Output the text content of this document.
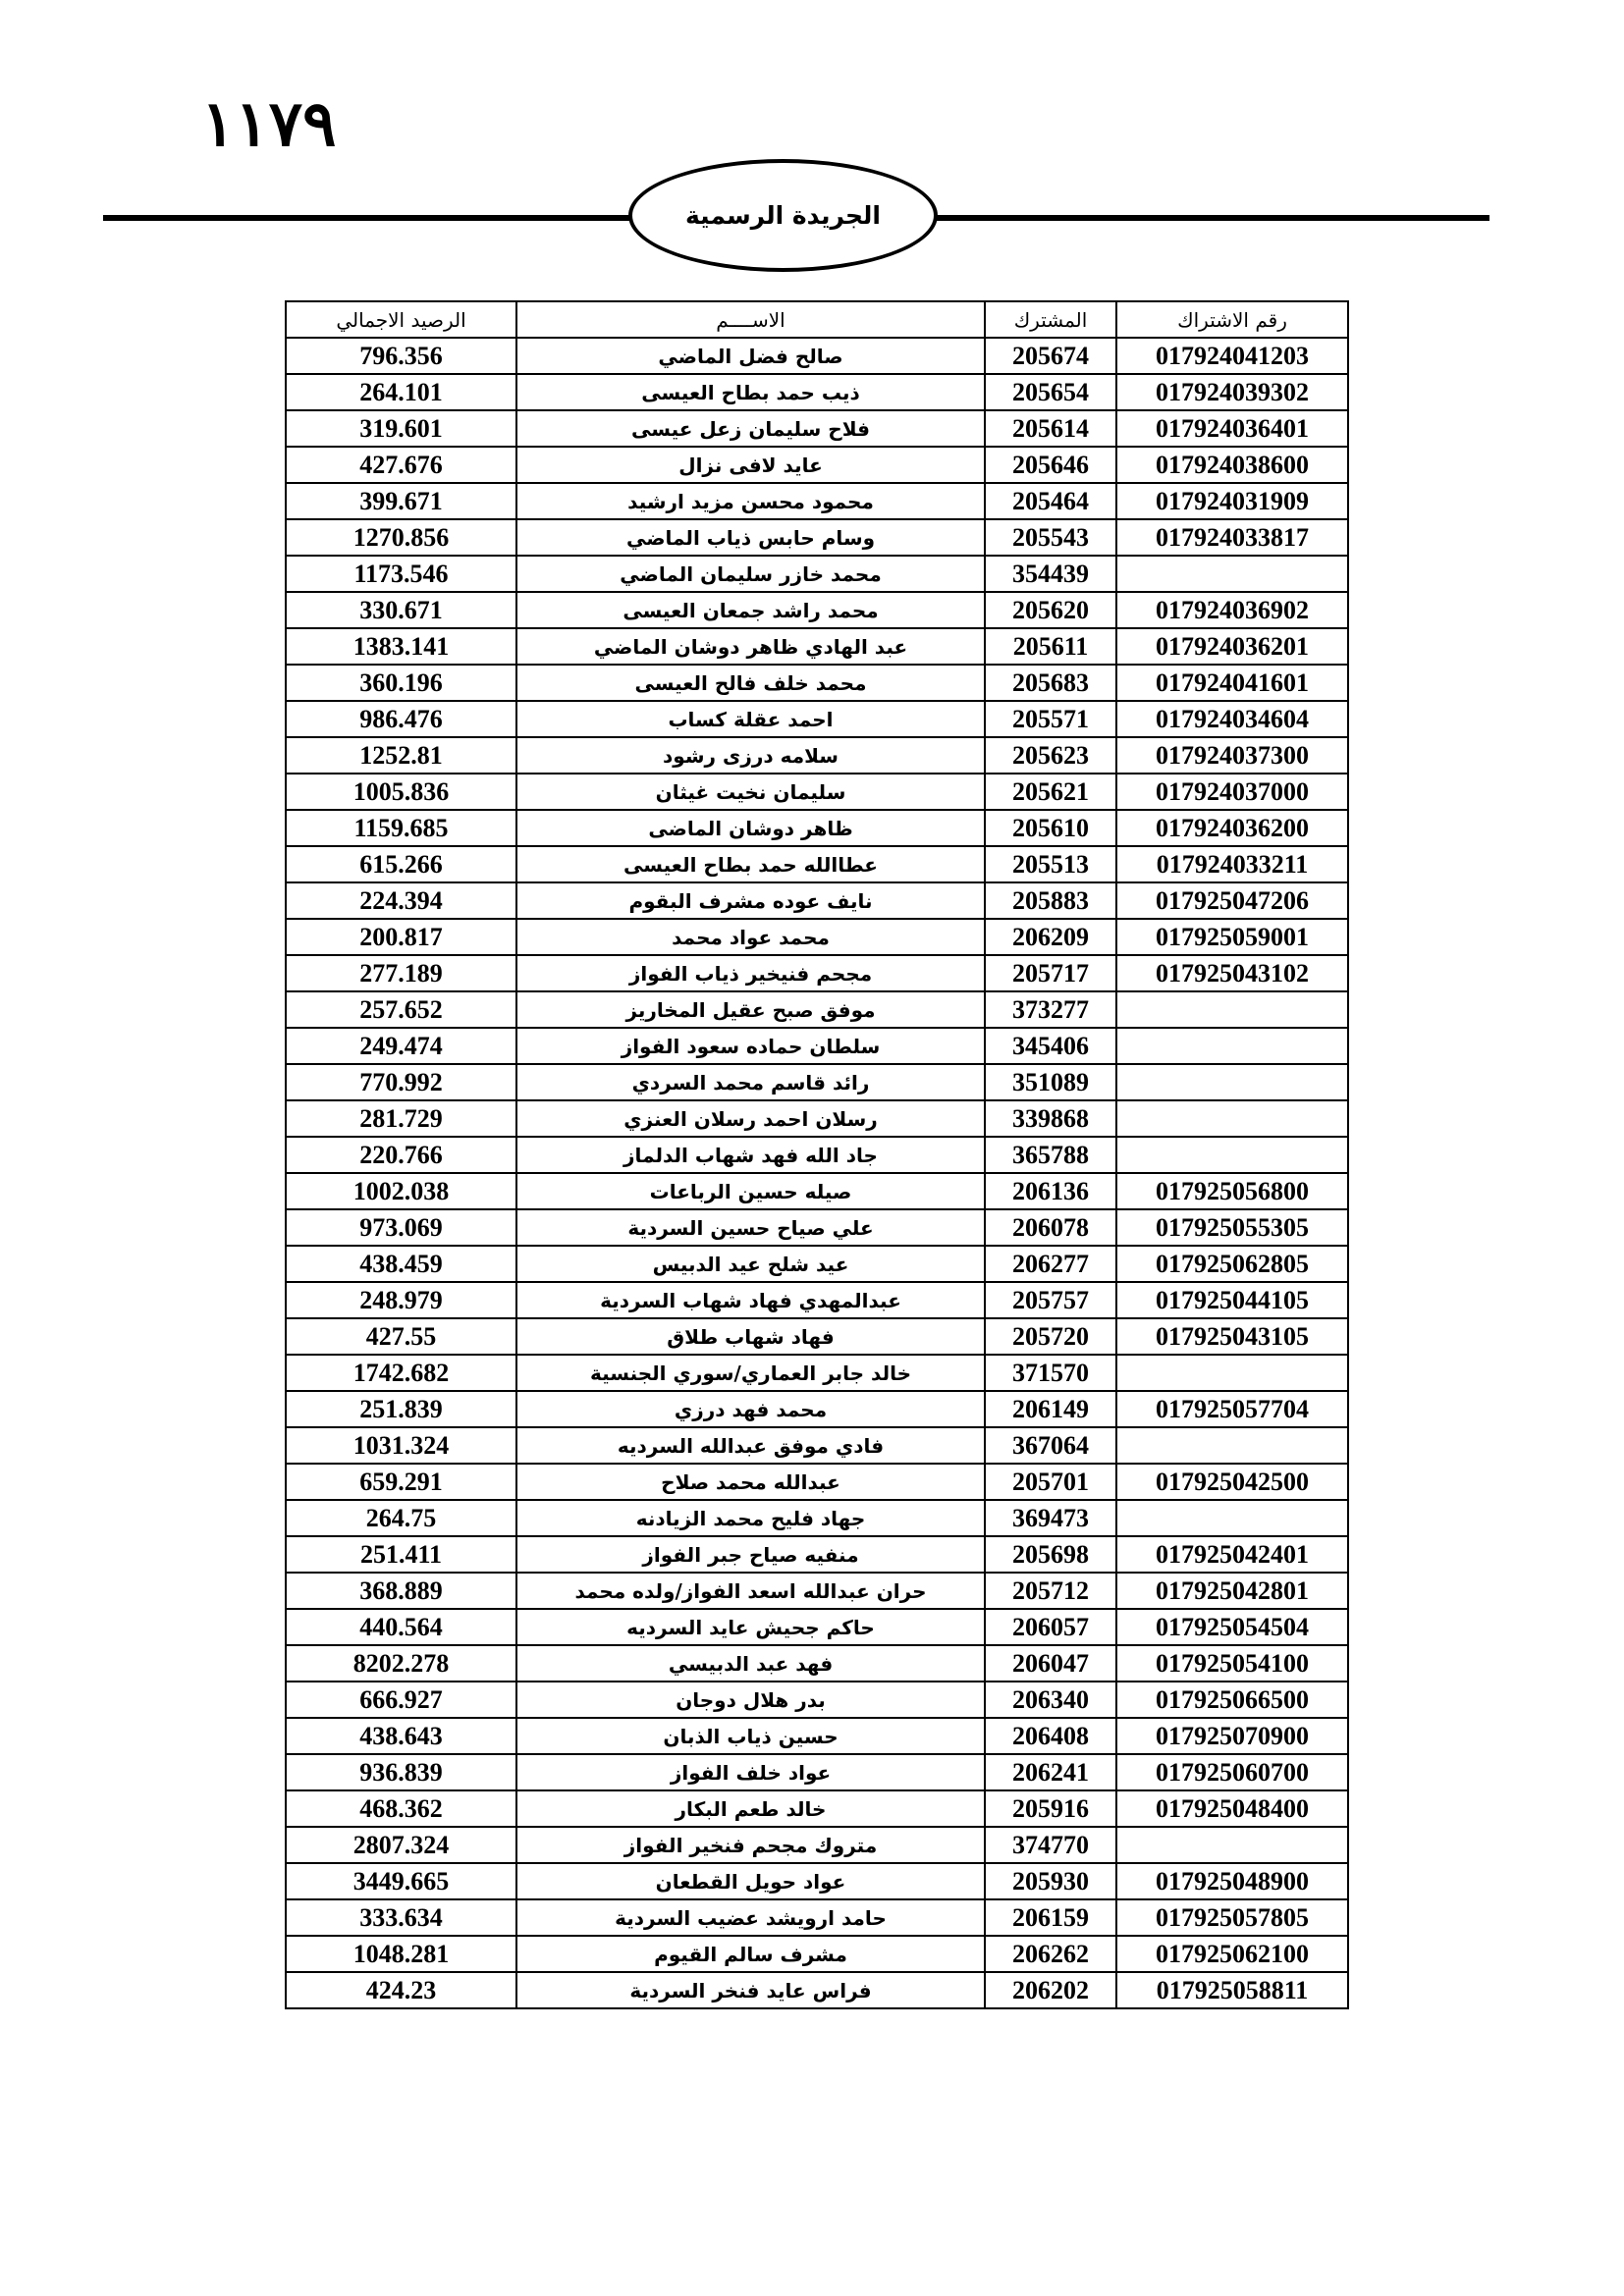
١١٧٩
الجريدة الرسمية
رقم الاشتراك	المشترك	الاســــم	الرصيد الاجمالي
017924041203	205674	صالح فضل الماضي	796.356
017924039302	205654	ذيب حمد بطاح العيسى	264.101
017924036401	205614	فلاح سليمان زعل عيسى	319.601
017924038600	205646	عايد لافى نزال	427.676
017924031909	205464	محمود محسن مزيد ارشيد	399.671
017924033817	205543	وسام حابس ذياب الماضي	1270.856
	354439	محمد خازر سليمان الماضي	1173.546
017924036902	205620	محمد راشد جمعان العيسى	330.671
017924036201	205611	عبد الهادي ظاهر دوشان الماضي	1383.141
017924041601	205683	محمد خلف فالح العيسى	360.196
017924034604	205571	احمد عقلة كساب	986.476
017924037300	205623	سلامه درزى رشود	1252.81
017924037000	205621	سليمان نخيت غيثان	1005.836
017924036200	205610	ظاهر دوشان الماضى	1159.685
017924033211	205513	عطاالله حمد بطاح العيسى	615.266
017925047206	205883	نايف عوده مشرف البقوم	224.394
017925059001	206209	محمد عواد محمد	200.817
017925043102	205717	مجحم فنيخير ذياب الفواز	277.189
	373277	موفق صبح عقيل المخاريز	257.652
	345406	سلطان حماده سعود الفواز	249.474
	351089	رائد قاسم محمد السردي	770.992
	339868	رسلان احمد رسلان العنزي	281.729
	365788	جاد الله فهد شهاب الدلماز	220.766
017925056800	206136	صيله حسين الرباعات	1002.038
017925055305	206078	علي صياح حسين السردية	973.069
017925062805	206277	عيد شلح عيد الدبيس	438.459
017925044105	205757	عبدالمهدي فهاد شهاب السردية	248.979
017925043105	205720	فهاد شهاب طلاق	427.55
	371570	خالد جابر العماري/سوري الجنسية	1742.682
017925057704	206149	محمد فهد درزي	251.839
	367064	فادي موفق عبدالله السرديه	1031.324
017925042500	205701	عبدالله محمد صلاح	659.291
	369473	جهاد فليح محمد الزيادنه	264.75
017925042401	205698	منفيه صياح جبر الفواز	251.411
017925042801	205712	حران عبدالله اسعد الفواز/ولده محمد	368.889
017925054504	206057	حاكم جحيش عايد السرديه	440.564
017925054100	206047	فهد عبد الدبيسي	8202.278
017925066500	206340	بدر هلال دوجان	666.927
017925070900	206408	حسين ذياب الذبان	438.643
017925060700	206241	عواد خلف الفواز	936.839
017925048400	205916	خالد طعم البكار	468.362
	374770	متروك مجحم فنخير الفواز	2807.324
017925048900	205930	عواد حويل القطعان	3449.665
017925057805	206159	حامد ارويشد عضيب السردية	333.634
017925062100	206262	مشرف سالم القيوم	1048.281
017925058811	206202	فراس عايد فنخر السردية	424.23
